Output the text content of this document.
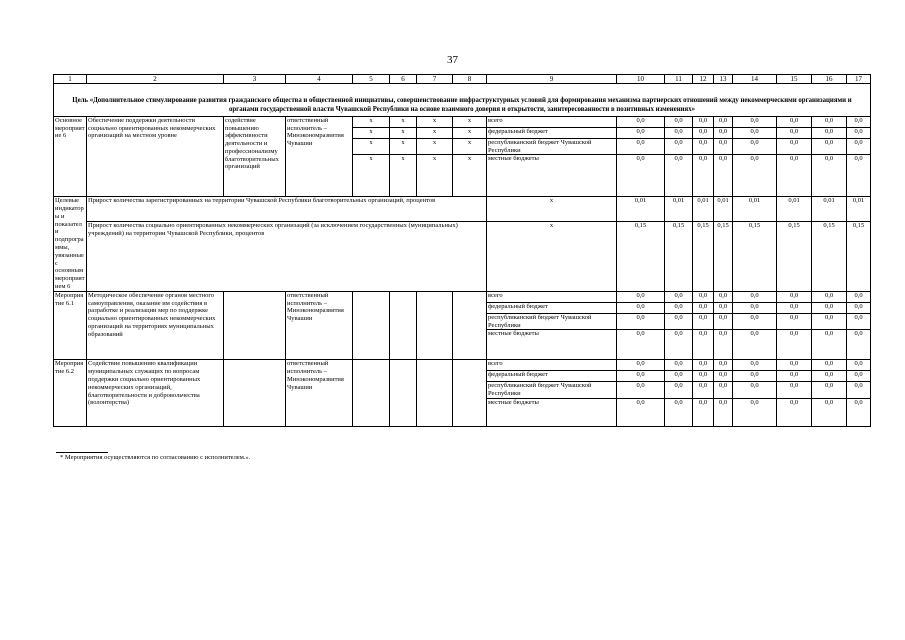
37
1	2	3	4	5	6	7	8	9	10	11	12	13	14	15	16	17
Цель «Дополнительное стимулирование развития гражданского общества и общественной инициативы, совершенствование инфраструктурных условий для формирования механизма партнерских отношений между некоммерческими организациями и органами государственной власти Чувашской Республики на основе взаимного доверия и открытости, заинтересованности в позитивных изменениях»																
Основное мероприятие 6	Обеспечение поддержки деятельности социально ориентированных некоммерческих организаций на местном уровне	содействие повышению эффективности деятельности и профессионализму благотворительных организаций	ответственный исполнитель – Минэкономразвития Чувашии	x	x	x	x	всего	0,0	0,0	0,0	0,0	0,0	0,0	0,0	0,0
				x	x	x	x	федеральный бюджет	0,0	0,0	0,0	0,0	0,0	0,0	0,0	0,0
				x	x	x	x	республиканский бюджет Чувашской Республики	0,0	0,0	0,0	0,0	0,0	0,0	0,0	0,0
				x	x	x	x	местные бюджеты	0,0	0,0	0,0	0,0	0,0	0,0	0,0	0,0
Целевые индикаторы и показатели подпрограммы, увязанные с основным мероприятием 6	Прирост количества зарегистрированных на территории Чувашской Республики благотворительных организаций, процентов							x	0,01	0,01	0,01	0,01	0,01	0,01	0,01	0,01
	Прирост количества социально ориентированных некоммерческих организаций (за исключением государственных (муниципальных) учреждений) на территории Чувашской Республики, процентов							x	0,15	0,15	0,15	0,15	0,15	0,15	0,15	0,15
Мероприятие 6.1	Методическое обеспечение органов местного самоуправления, оказание им содействия в разработке и реализации мер по поддержке социально ориентированных некоммерческих организаций на территориях муниципальных образований		ответственный исполнитель – Минэкономразвития Чувашии					всего	0,0	0,0	0,0	0,0	0,0	0,0	0,0	0,0
								федеральный бюджет	0,0	0,0	0,0	0,0	0,0	0,0	0,0	0,0
								республиканский бюджет Чувашской Республики	0,0	0,0	0,0	0,0	0,0	0,0	0,0	0,0
								местные бюджеты	0,0	0,0	0,0	0,0	0,0	0,0	0,0	0,0
Мероприятие 6.2	Содействие повышению квалификации муниципальных служащих по вопросам поддержки социально ориентированных некоммерческих организаций, благотворительности и добровольчества (волонтерства)		ответственный исполнитель – Минэкономразвития Чувашии					всего	0,0	0,0	0,0	0,0	0,0	0,0	0,0	0,0
								федеральный бюджет	0,0	0,0	0,0	0,0	0,0	0,0	0,0	0,0
								республиканский бюджет Чувашской Республики	0,0	0,0	0,0	0,0	0,0	0,0	0,0	0,0
								местные бюджеты	0,0	0,0	0,0	0,0	0,0	0,0	0,0	0,0
* Мероприятия осуществляются по согласованию с исполнителем.».
